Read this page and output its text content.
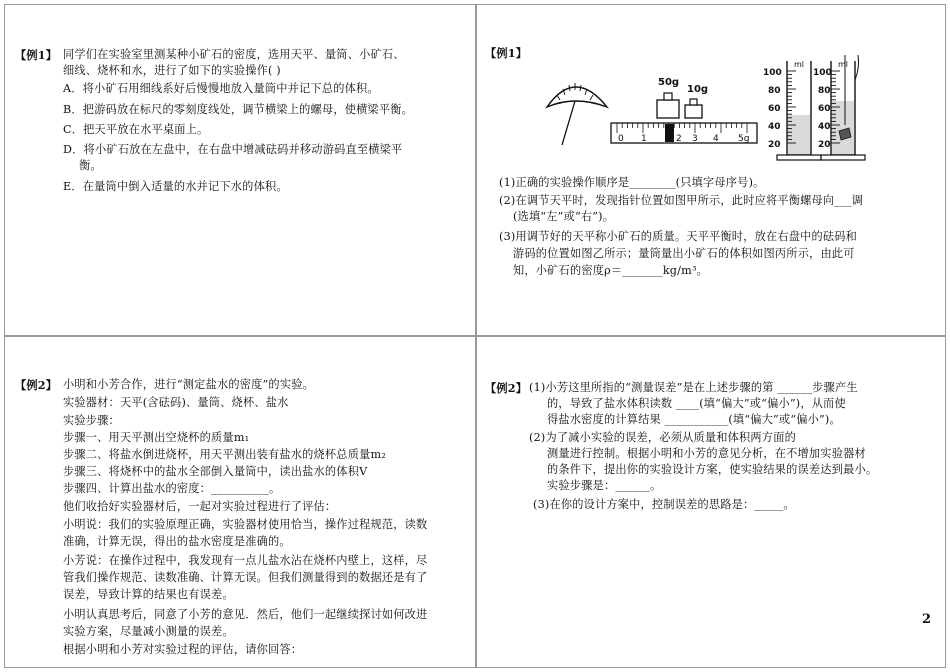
【例1】 同学们在实验室里测某种小矿石的密度，选用天平、量筒、小矿石、
细线、烧杯和水，进行了如下的实验操作( )
A．将小矿石用细线系好后慢慢地放入量筒中并记下总的体积。
B．把游码放在标尺的零刻度线处，调节横梁上的螺母，使横梁平衡。
C．把天平放在水平桌面上。
D．将小矿石放在左盘中，在右盘中增减砝码并移动游码直至横梁平
衡。
E．在量筒中倒入适量的水并记下水的体积。
【例1】
50g
10g
0 1	2 3 4 5g
ml
100
80
60
40
20
ml
100
80
60
40
20
(1)正确的实验操作顺序是________(只填字母序号)。
(2)在调节天平时，发现指针位置如图甲所示，此时应将平衡螺母向___调
(选填“左”或“右”)。
(3)用调节好的天平称小矿石的质量。天平平衡时，放在右盘中的砝码和
游码的位置如图乙所示；量筒量出小矿石的体积如图丙所示，由此可
知，小矿石的密度ρ＝_______kg/m³。
【例2】 小明和小芳合作，进行“测定盐水的密度”的实验。
实验器材：天平(含砝码)、量筒、烧杯、盐水
实验步骤：
步骤一、用天平测出空烧杯的质量m₁
步骤二、将盐水倒进烧杯，用天平测出装有盐水的烧杯总质量m₂
步骤三、将烧杯中的盐水全部倒入量筒中，读出盐水的体积V
步骤四、计算出盐水的密度：__________。
他们收拾好实验器材后，一起对实验过程进行了评估：
小明说：我们的实验原理正确，实验器材使用恰当，操作过程规范，读数
准确，计算无误，得出的盐水密度是准确的。
小芳说：在操作过程中，我发现有一点儿盐水沾在烧杯内壁上，这样，尽
管我们操作规范、读数准确、计算无误。但我们测量得到的数据还是有了
误差，导致计算的结果也有误差。
小明认真思考后，同意了小芳的意见．然后，他们一起继续探讨如何改进
实验方案，尽量减小测量的误差。
根据小明和小芳对实验过程的评估，请你回答：
【例2】 (1)小芳这里所指的“测量误差”是在上述步骤的第 ______步骤产生
的，导致了盐水体积读数 ____(填“偏大”或“偏小”)，从而使
得盐水密度的计算结果 ___________(填“偏大”或“偏小”)。
(2)为了减小实验的误差，必须从质量和体积两方面的
测量进行控制。根据小明和小芳的意见分析，在不增加实验器材
的条件下，提出你的实验设计方案，使实验结果的误差达到最小。
实验步骤是：______。
(3)在你的设计方案中，控制误差的思路是：_____。
2
